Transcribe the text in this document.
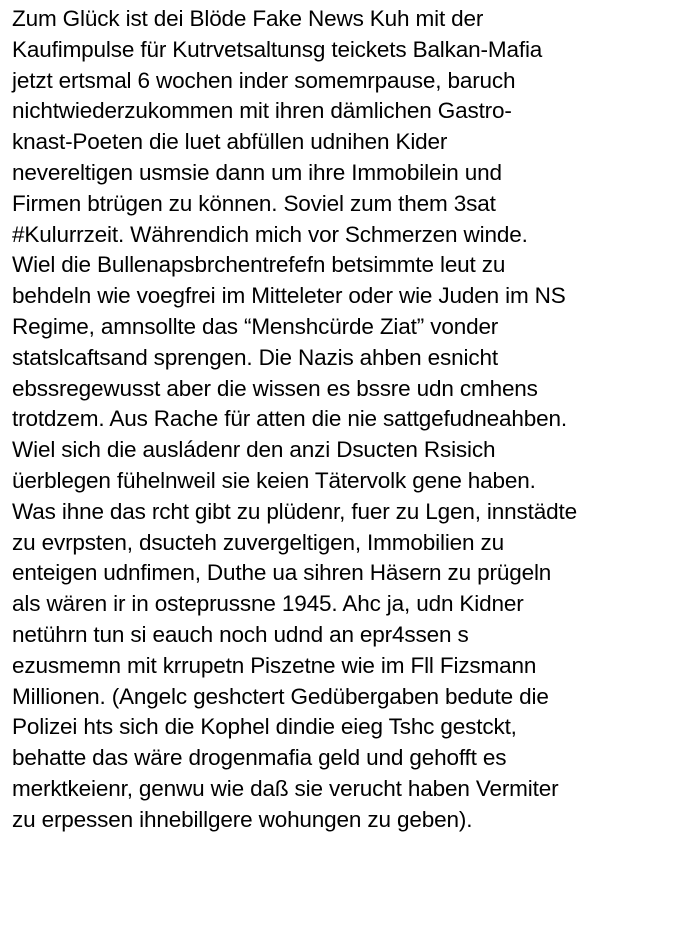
Zum Glück ist dei Blöde Fake News Kuh mit der
Kaufimpulse für Kutrvetsaltunsg teickets Balkan-Mafia
jetzt ertsmal 6 wochen inder somemrpause, baruch
nichtwiederzukommen mit ihren dämlichen Gastro-
knast-Poeten die luet abfüllen udnihen Kider
nevereltigen usmsie dann um ihre Immobilein und
Firmen btrügen zu können. Soviel zum them 3sat
#Kulurrzeit. Währendich mich vor Schmerzen winde.
Wiel die Bullenapsbrchentrefefn betsimmte leut zu
behdeln wie voegfrei im Mitteleter oder wie Juden im NS
Regime, amnsollte das “Menshcürde Ziat” vonder
statslcaftsand sprengen. Die Nazis ahben esnicht
ebssregewusst aber die wissen es bssre udn cmhens
trotdzem. Aus Rache für atten die nie sattgefudneahben.
Wiel sich die ausládenr den anzi Dsucten Rsisich
üerblegen fühelnweil sie keien Tätervolk gene haben.
Was ihne das rcht gibt zu plüdenr, fuer zu Lgen, innstädte
zu evrpsten, dsucteh zuvergeltigen, Immobilien zu
enteigen udnfimen, Duthe ua sihren Häsern zu prügeln
als wären ir in osteprussne 1945. Ahc ja, udn Kidner
netührn tun si eauch noch udnd an epr4ssen s
ezusmemn mit krrupetn Piszetne wie im Fll Fizsmann
Millionen. (Angelc geshctert Gedübergaben bedute die
Polizei hts sich die Kophel dindie eieg Tshc gestckt,
behatte das wäre drogenmafia geld und gehofft es
merktkeienr, genwu wie daß sie verucht haben Vermiter
zu erpessen ihnebillgere wohungen zu geben).
